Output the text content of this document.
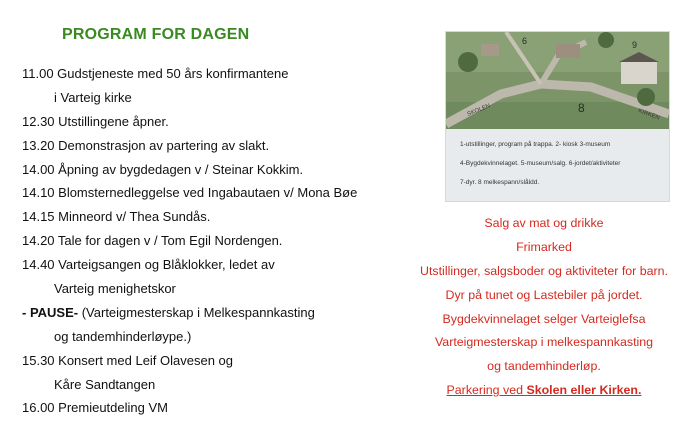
PROGRAM FOR DAGEN
11.00 Gudstjeneste med 50 års konfirmantene
i Varteig kirke
12.30 Utstillingene åpner.
13.20 Demonstrasjon av partering av slakt.
14.00 Åpning av bygdedagen v / Steinar Kokkim.
14.10 Blomsternedleggelse ved Ingabautaen v/ Mona Bøe
14.15 Minneord v/ Thea Sundås.
14.20 Tale for dagen v / Tom Egil Nordengen.
14.40 Varteigsangen og Blåklokker, ledet av
Varteig menighetskor
- PAUSE- (Varteigmesterskap i Melkespannkasting
og tandemhinderløype.)
15.30 Konsert med Leif Olavesen og
Kåre Sandtangen
16.00 Premieutdeling VM
6	9
8
SKOLEN	KIRKEN
1-utstillinger, program på trappa. 2- kiosk 3-museum
4-Bygdekvinnelaget. 5-museum/salg. 6-jordet/aktiviteter
7-dyr. 8 melkespann/slåldd.
Salg av mat og drikke
Frimarked
Utstillinger, salgsboder og aktiviteter for barn.
Dyr på tunet og Lastebiler på jordet.
Bygdekvinnelaget selger Varteiglefsa
Varteigmesterskap i melkespannkasting
og tandemhinderløp.
Parkering ved Skolen eller Kirken.
